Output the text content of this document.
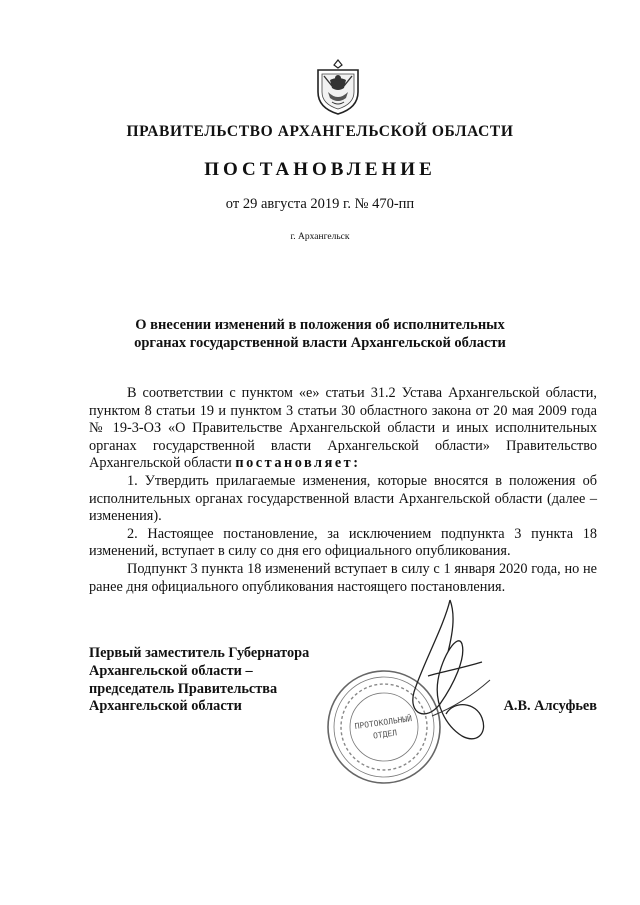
ПРАВИТЕЛЬСТВО АРХАНГЕЛЬСКОЙ ОБЛАСТИ
ПОСТАНОВЛЕНИЕ
от 29 августа 2019 г. № 470-пп
г. Архангельск
О внесении изменений в положения об исполнительных
органах государственной власти Архангельской области

В соответствии с пунктом «е» статьи 31.2 Устава Архангельской области, пунктом 8 статьи 19 и пунктом 3 статьи 30 областного закона от 20 мая 2009 года № 19-3-ОЗ «О Правительстве Архангельской области и иных исполнительных органах государственной власти Архангельской области» Правительство Архангельской области постановляет:

1. Утвердить прилагаемые изменения, которые вносятся в положения об исполнительных органах государственной власти Архангельской области (далее – изменения).

2. Настоящее постановление, за исключением подпункта 3 пункта 18 изменений, вступает в силу со дня его официального опубликования.

Подпункт 3 пункта 18 изменений вступает в силу с 1 января 2020 года, но не ранее дня официального опубликования настоящего постановления.

Первый заместитель Губернатора
Архангельской области –
председатель Правительства
Архангельской области
ПРОТОКОЛЬНЫЙ
ОТДЕЛ
А.В. Алсуфьев
